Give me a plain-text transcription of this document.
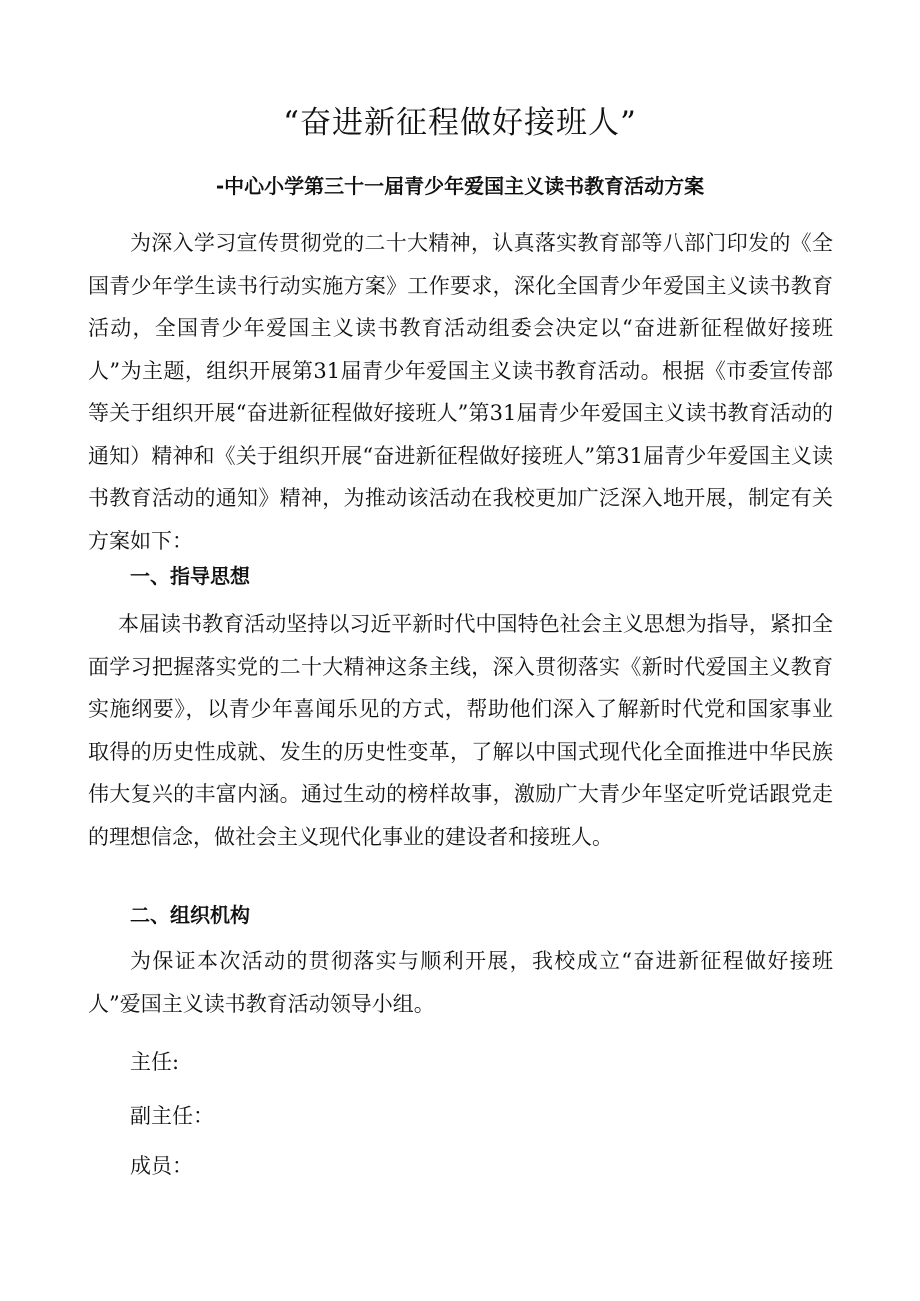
“奋进新征程做好接班人”
-中心小学第三十一届青少年爱国主义读书教育活动方案

为深入学习宣传贯彻党的二十大精神，认真落实教育部等八部门印发的《全国青少年学生读书行动实施方案》工作要求，深化全国青少年爱国主义读书教育活动，全国青少年爱国主义读书教育活动组委会决定以“奋进新征程做好接班人”为主题，组织开展第31届青少年爱国主义读书教育活动。根据《市委宣传部等关于组织开展“奋进新征程做好接班人”第31届青少年爱国主义读书教育活动的通知）精神和《关于组织开展“奋进新征程做好接班人”第31届青少年爱国主义读书教育活动的通知》精神，为推动该活动在我校更加广泛深入地开展，制定有关方案如下：

一、指导思想

本届读书教育活动坚持以习近平新时代中国特色社会主义思想为指导，紧扣全面学习把握落实党的二十大精神这条主线，深入贯彻落实《新时代爱国主义教育实施纲要》，以青少年喜闻乐见的方式，帮助他们深入了解新时代党和国家事业取得的历史性成就、发生的历史性变革，了解以中国式现代化全面推进中华民族伟大复兴的丰富内涵。通过生动的榜样故事，激励广大青少年坚定听党话跟党走的理想信念，做社会主义现代化事业的建设者和接班人。

二、组织机构

为保证本次活动的贯彻落实与顺利开展，我校成立“奋进新征程做好接班人”爱国主义读书教育活动领导小组。

主任:

副主任：

成员：
